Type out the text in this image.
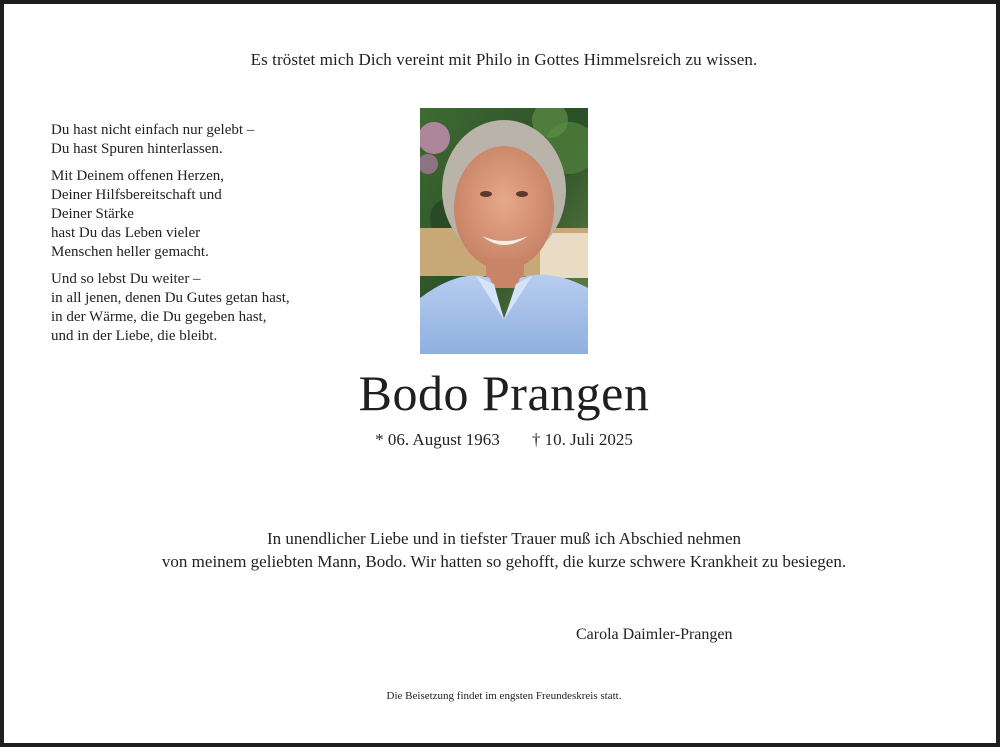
Es tröstet mich Dich vereint mit Philo in Gottes Himmelsreich zu wissen.
Du hast nicht einfach nur gelebt –
Du hast Spuren hinterlassen.
Mit Deinem offenen Herzen,
Deiner Hilfsbereitschaft und
Deiner Stärke
hast Du das Leben vieler
Menschen heller gemacht.
Und so lebst Du weiter –
in all jenen, denen Du Gutes getan hast,
in der Wärme, die Du gegeben hast,
und in der Liebe, die bleibt.
Bodo Prangen
* 06. August 1963 † 10. Juli 2025
In unendlicher Liebe und in tiefster Trauer muß ich Abschied nehmen
von meinem geliebten Mann, Bodo. Wir hatten so gehofft, die kurze schwere Krankheit zu besiegen.
Carola Daimler-Prangen
Die Beisetzung findet im engsten Freundeskreis statt.
